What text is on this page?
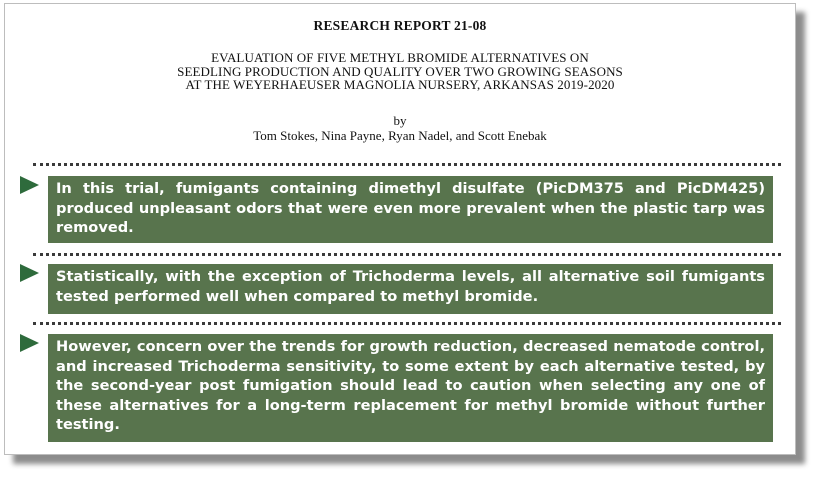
RESEARCH REPORT 21-08
EVALUATION OF FIVE METHYL BROMIDE ALTERNATIVES ON
SEEDLING PRODUCTION AND QUALITY OVER TWO GROWING SEASONS
AT THE WEYERHAEUSER MAGNOLIA NURSERY, ARKANSAS 2019-2020
by
Tom Stokes, Nina Payne, Ryan Nadel, and Scott Enebak
In this trial, fumigants containing dimethyl disulfate (PicDM375 and PicDM425) produced unpleasant odors that were even more prevalent when the plastic tarp was removed.
Statistically, with the exception of Trichoderma levels, all alternative soil fumigants tested performed well when compared to methyl bromide.
However, concern over the trends for growth reduction, decreased nematode control, and increased Trichoderma sensitivity, to some extent by each alternative tested, by the second-year post fumigation should lead to caution when selecting any one of these alternatives for a long-term replacement for methyl bromide without further testing.
